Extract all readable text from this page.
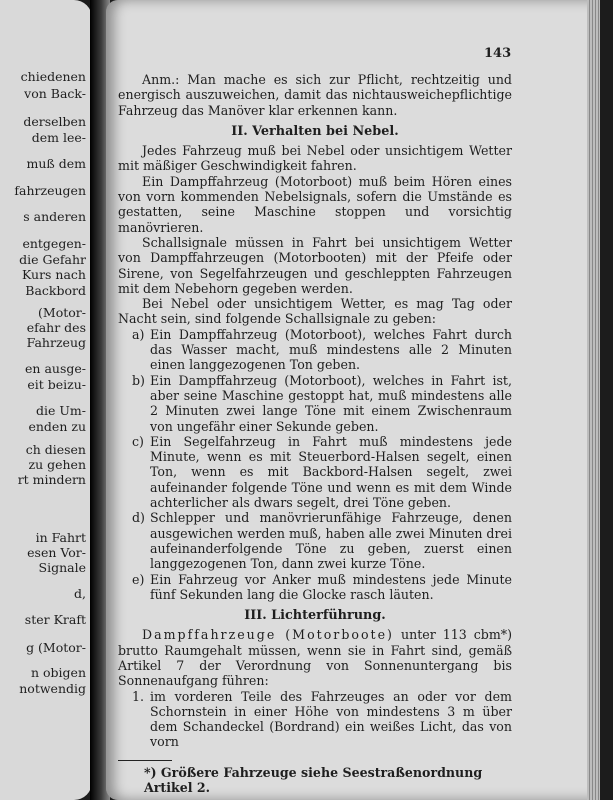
chiedenen
von Back-
derselben
dem lee-
muß dem
fahrzeugen
s anderen
entgegen-
die Gefahr
Kurs nach
Backbord
(Motor-
efahr des
Fahrzeug
en ausge-
eit beizu-
die Um-
enden zu
ch diesen
zu gehen
rt mindern
in Fahrt
esen Vor-
Signale
d,
ster Kraft
g (Motor-
n obigen
notwendig
143

Anm.: Man mache es sich zur Pflicht, rechtzeitig und energisch auszuweichen, damit das nichtausweichepflichtige Fahrzeug das Manöver klar erkennen kann.

II. Verhalten bei Nebel.

Jedes Fahrzeug muß bei Nebel oder unsichtigem Wetter mit mäßiger Geschwindigkeit fahren.

Ein Dampffahrzeug (Motorboot) muß beim Hören eines von vorn kommenden Nebelsignals, sofern die Umstände es gestatten, seine Maschine stoppen und vorsichtig manövrieren.

Schallsignale müssen in Fahrt bei unsichtigem Wetter von Dampffahrzeugen (Motorbooten) mit der Pfeife oder Sirene, von Segelfahrzeugen und geschleppten Fahrzeugen mit dem Nebehorn gegeben werden.

Bei Nebel oder unsichtigem Wetter, es mag Tag oder Nacht sein, sind folgende Schallsignale zu geben:

a) Ein Dampffahrzeug (Motorboot), welches Fahrt durch das Wasser macht, muß mindestens alle 2 Minuten einen langgezogenen Ton geben.
b) Ein Dampffahrzeug (Motorboot), welches in Fahrt ist, aber seine Maschine gestoppt hat, muß mindestens alle 2 Minuten zwei lange Töne mit einem Zwischenraum von ungefähr einer Sekunde geben.
c) Ein Segelfahrzeug in Fahrt muß mindestens jede Minute, wenn es mit Steuerbord-Halsen segelt, einen Ton, wenn es mit Backbord-Halsen segelt, zwei aufeinander folgende Töne und wenn es mit dem Winde achterlicher als dwars segelt, drei Töne geben.
d) Schlepper und manövrierunfähige Fahrzeuge, denen ausgewichen werden muß, haben alle zwei Minuten drei aufeinanderfolgende Töne zu geben, zuerst einen langgezogenen Ton, dann zwei kurze Töne.
e) Ein Fahrzeug vor Anker muß mindestens jede Minute fünf Sekunden lang die Glocke rasch läuten.
III. Lichterführung.

Dampffahrzeuge (Motorboote) unter 113 cbm*) brutto Raumgehalt müssen, wenn sie in Fahrt sind, gemäß Artikel 7 der Verordnung von Sonnenuntergang bis Sonnenaufgang führen:

1. im vorderen Teile des Fahrzeuges an oder vor dem Schornstein in einer Höhe von mindestens 3 m über dem Schandeckel (Bordrand) ein weißes Licht, das von vorn
*) Größere Fahrzeuge siehe Seestraßenordnung Artikel 2.
